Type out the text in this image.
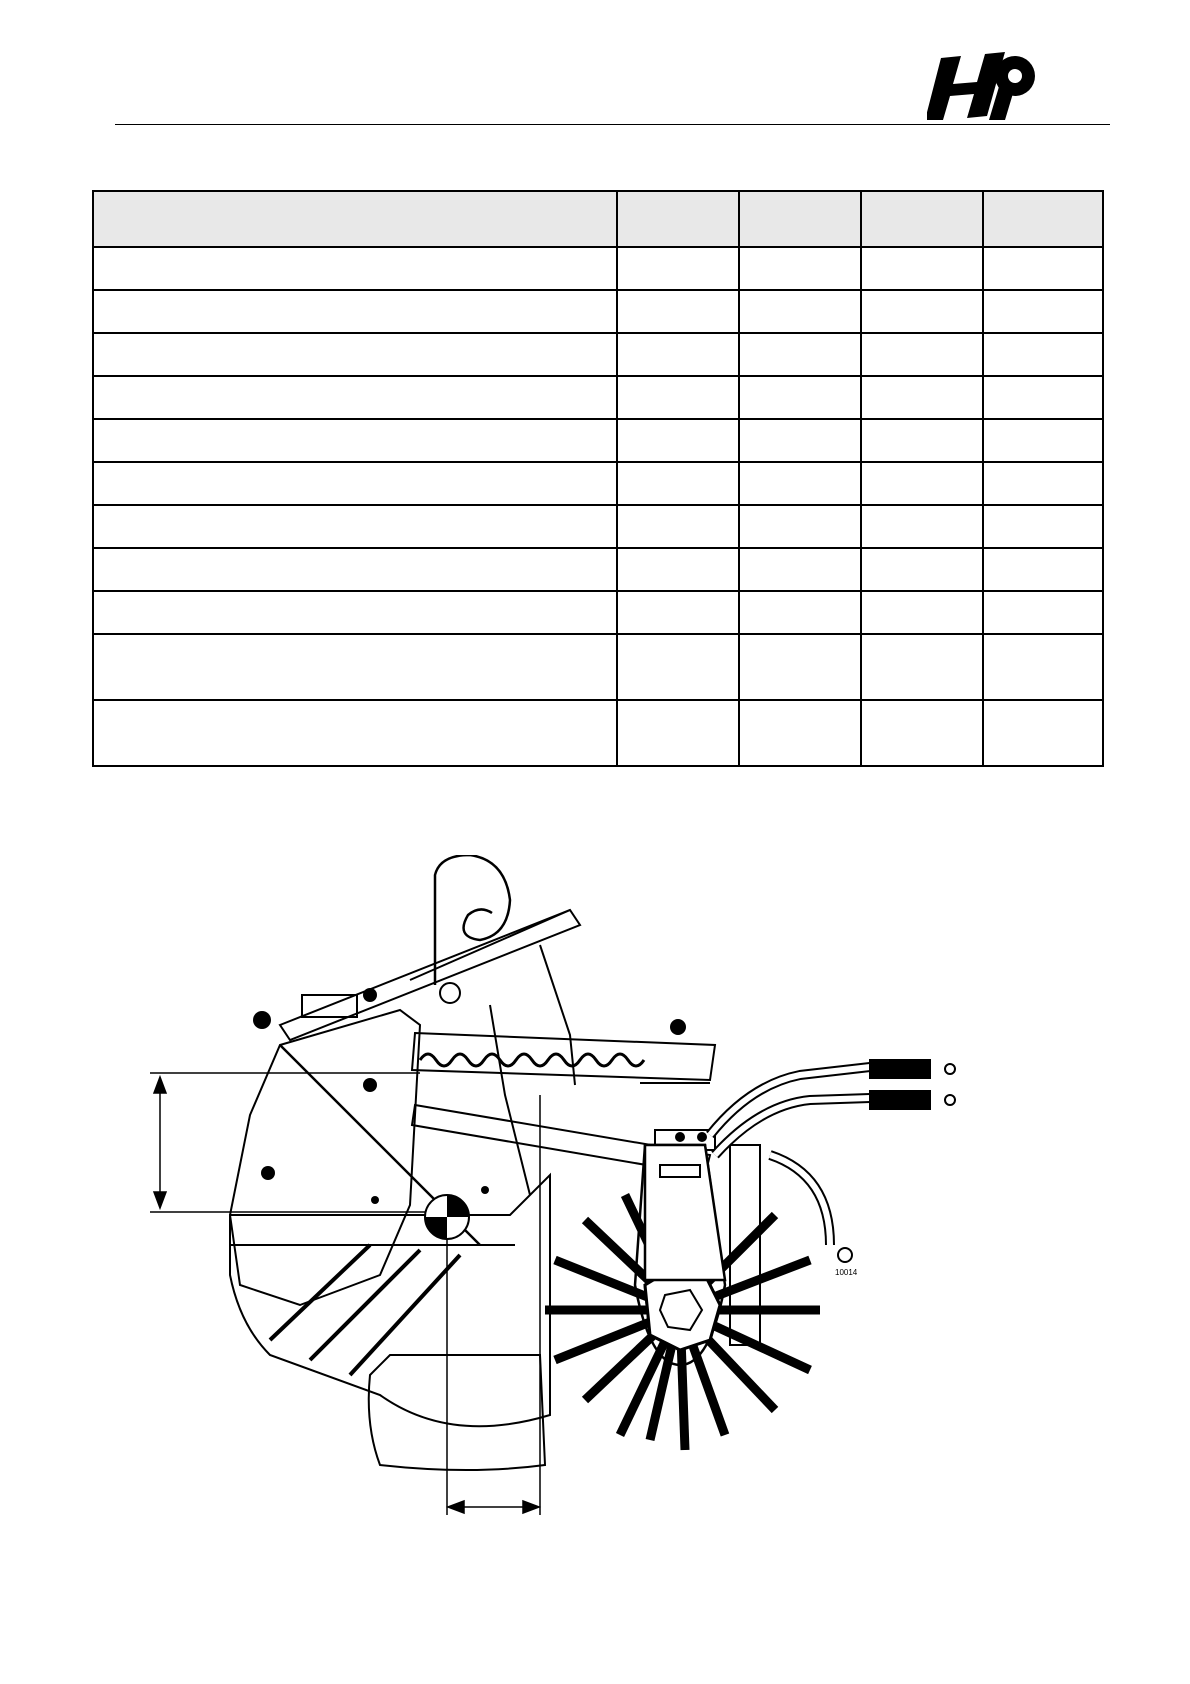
10014
